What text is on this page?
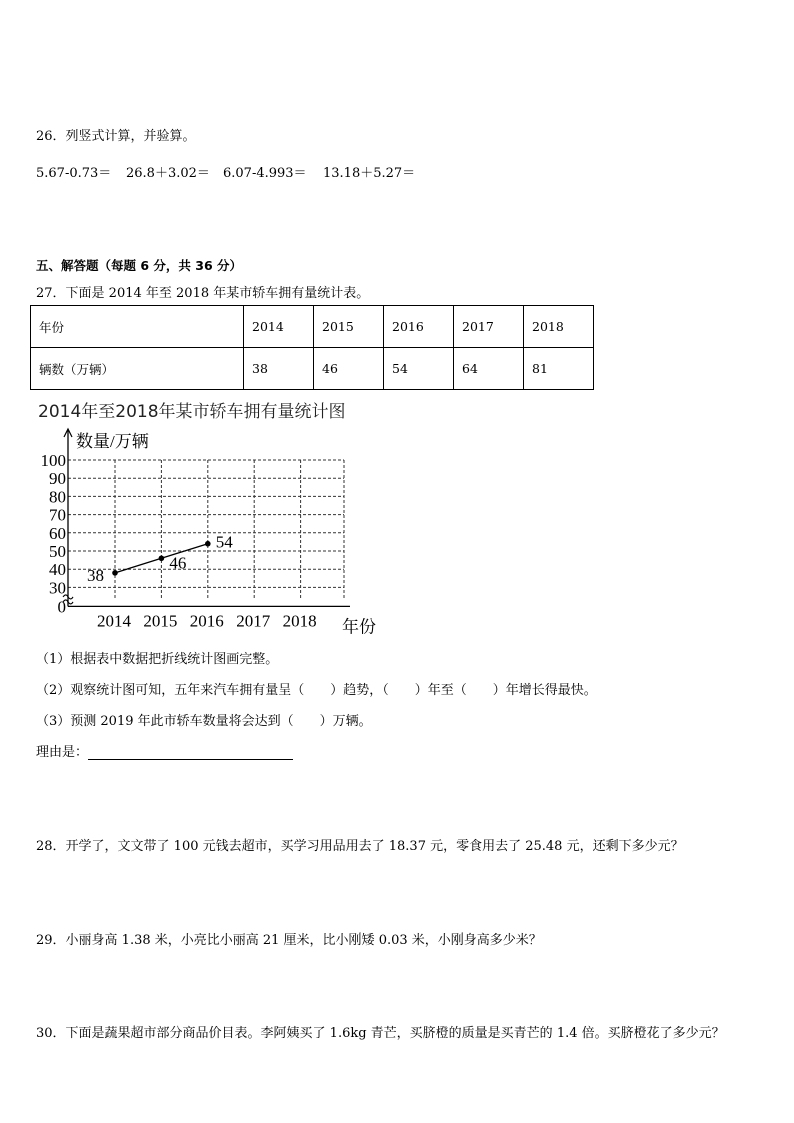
26．列竖式计算，并验算。
5.67-0.73＝ 26.8＋3.02＝ 6.07-4.993＝ 13.18＋5.27＝
五、解答题（每题 6 分，共 36 分）
27．下面是 2014 年至 2018 年某市轿车拥有量统计表。
年份	2014	2015	2016	2017	2018
辆数（万辆）	38	46	54	64	81
2014年至2018年某市轿车拥有量统计图
0
30
40
50
60
70
80
90
100
2014 2015 2016 2017 2018
数量/万辆
年份
38
46
54
（1）根据表中数据把折线统计图画完整。
（2）观察统计图可知，五年来汽车拥有量呈（　　）趋势，（　　）年至（　　）年增长得最快。
（3）预测 2019 年此市轿车数量将会达到（　　）万辆。
理由是：
28．开学了，文文带了 100 元钱去超市，买学习用品用去了 18.37 元，零食用去了 25.48 元，还剩下多少元？
29．小丽身高 1.38 米，小亮比小丽高 21 厘米，比小刚矮 0.03 米，小刚身高多少米？
30．下面是蔬果超市部分商品价目表。李阿姨买了 1.6kg 青芒，买脐橙的质量是买青芒的 1.4 倍。买脐橙花了多少元？
